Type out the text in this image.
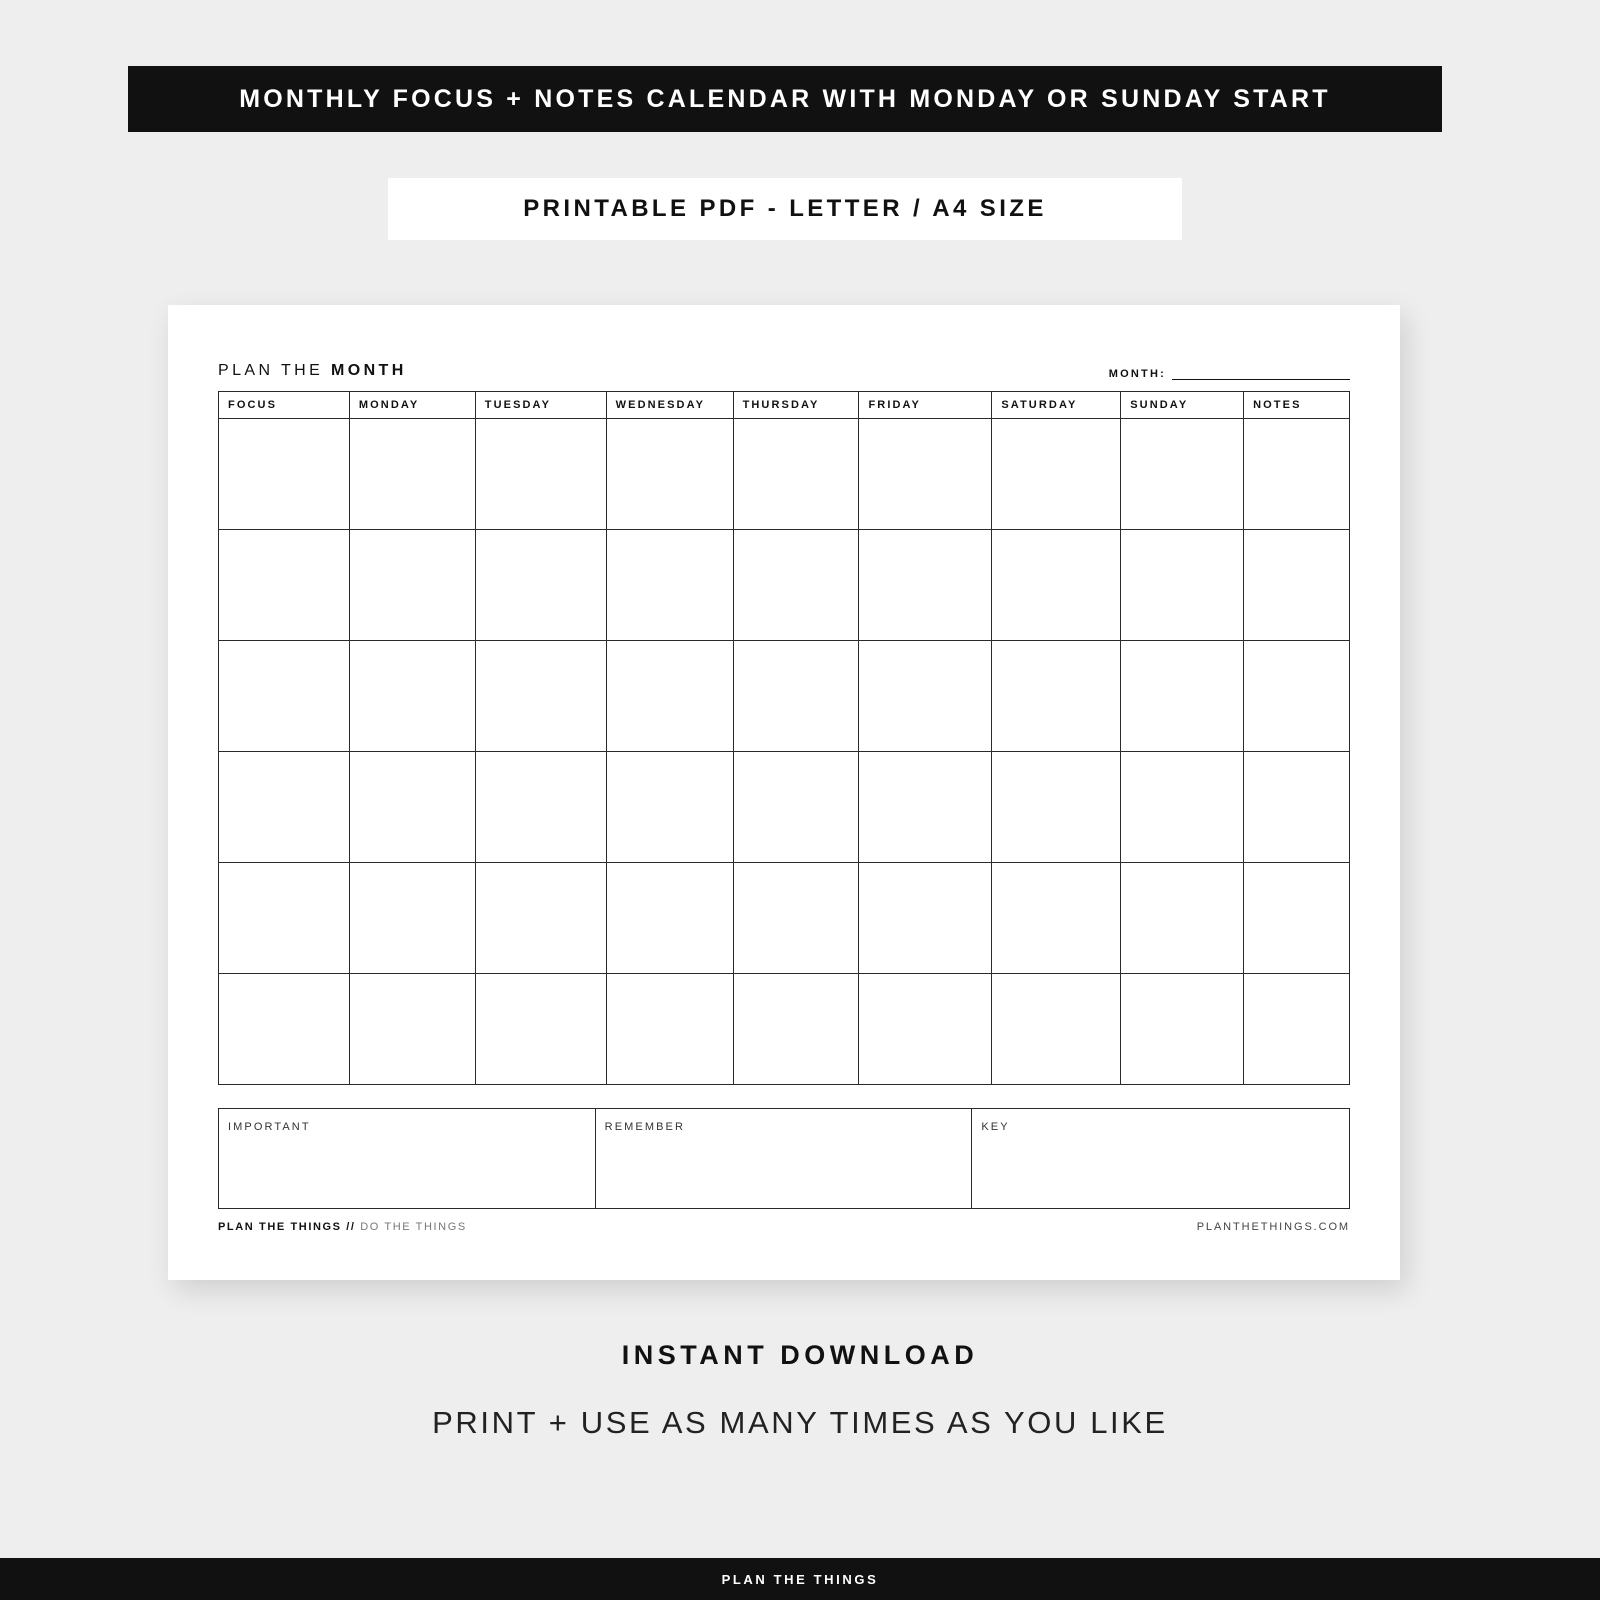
MONTHLY FOCUS + NOTES CALENDAR WITH MONDAY OR SUNDAY START
PRINTABLE PDF - LETTER / A4 SIZE
PLAN THE MONTH	MONTH:
FOCUS	MONDAY	TUESDAY	WEDNESDAY	THURSDAY	FRIDAY	SATURDAY	SUNDAY	NOTES
IMPORTANT	REMEMBER	KEY
PLAN THE THINGS // DO THE THINGS	PLANTHETHINGS.COM
INSTANT DOWNLOAD
PRINT + USE AS MANY TIMES AS YOU LIKE
PLAN THE THINGS
